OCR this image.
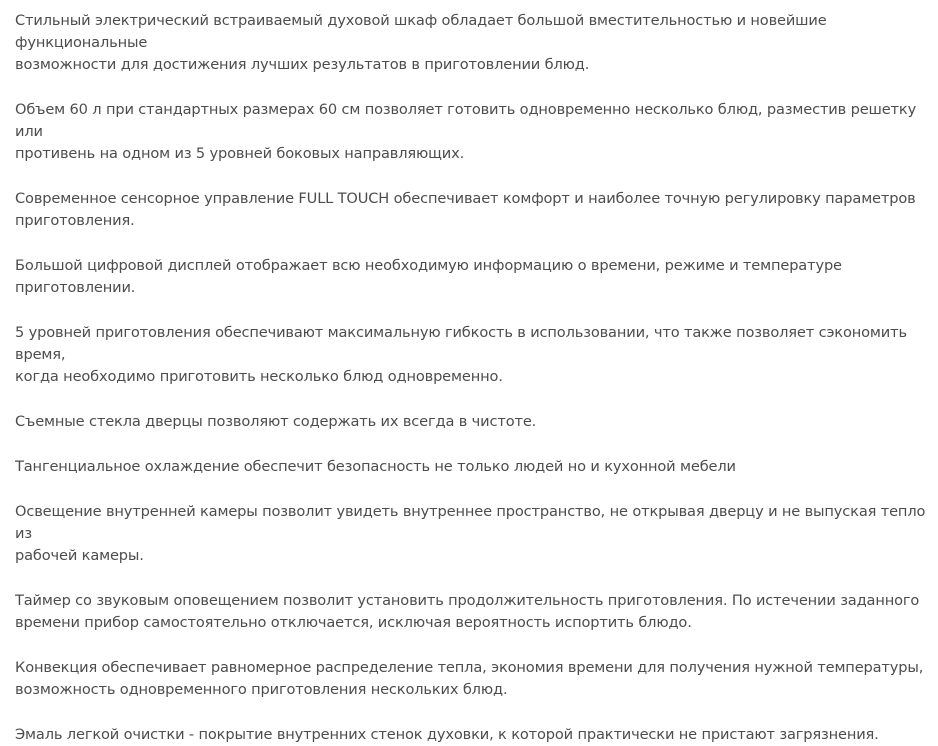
Стильный электрический встраиваемый духовой шкаф обладает большой вместительностью и новейшие функциональные
возможности для достижения лучших результатов в приготовлении блюд.

Объем 60 л при стандартных размерах 60 см позволяет готовить одновременно несколько блюд, разместив решетку или
противень на одном из 5 уровней боковых направляющих.

Современное сенсорное управление FULL TOUCH обеспечивает комфорт и наиболее точную регулировку параметров
приготовления.

Большой цифровой дисплей отображает всю необходимую информацию о времени, режиме и температуре приготовлении.

5 уровней приготовления обеспечивают максимальную гибкость в использовании, что также позволяет сэкономить время,
когда необходимо приготовить несколько блюд одновременно.

Съемные стекла дверцы позволяют содержать их всегда в чистоте.

Тангенциальное охлаждение обеспечит безопасность не только людей но и кухонной мебели

Освещение внутренней камеры позволит увидеть внутреннее пространство, не открывая дверцу и не выпуская тепло из
рабочей камеры.

Таймер со звуковым оповещением позволит установить продолжительность приготовления. По истечении заданного
времени прибор самостоятельно отключается, исключая вероятность испортить блюдо.

Конвекция обеспечивает равномерное распределение тепла, экономия времени для получения нужной температуры,
возможность одновременного приготовления нескольких блюд.

Эмаль легкой очистки - покрытие внутренних стенок духовки, к которой практически не пристают загрязнения.
